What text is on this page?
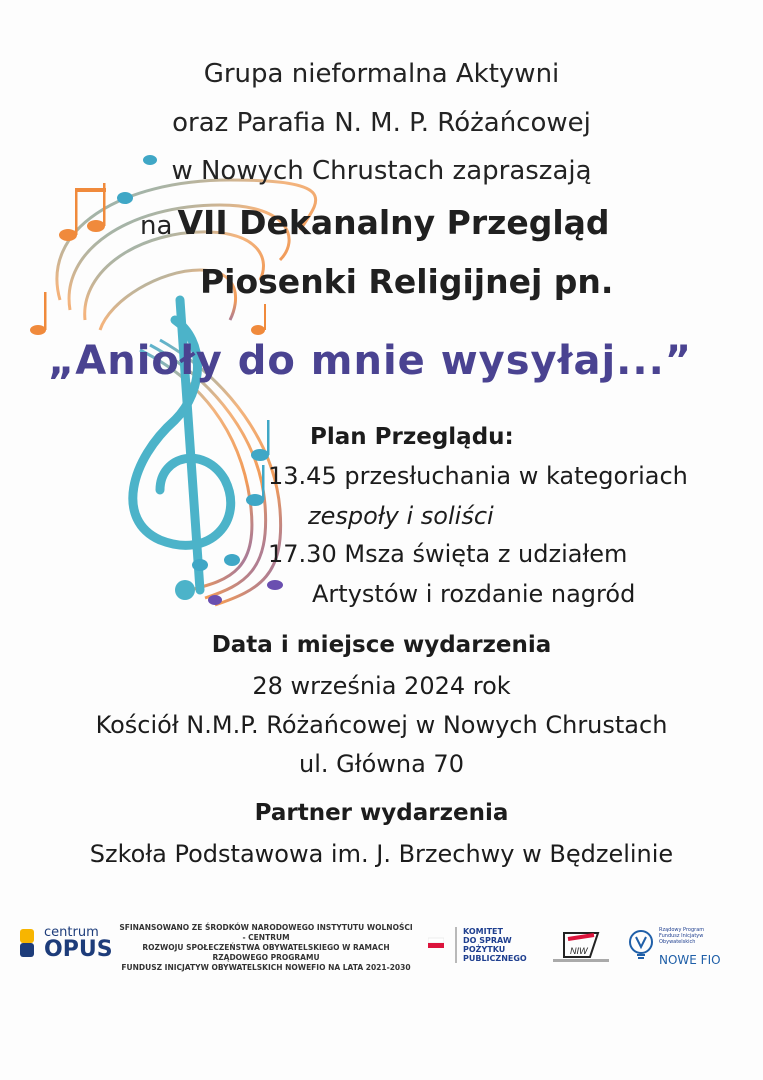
Grupa nieformalna Aktywni
oraz Parafia N. M. P. Różańcowej
w Nowych Chrustach zapraszają
na VII Dekanalny Przegląd
Piosenki Religijnej pn.
„Anioły do mnie wysyłaj...”
Plan Przeglądu:
13.45 przesłuchania w kategoriach
zespoły i soliści
17.30 Msza święta z udziałem
Artystów i rozdanie nagród
Data i miejsce wydarzenia
28 września 2024 rok
Kościół N.M.P. Różańcowej w Nowych Chrustach
ul. Główna 70
Partner wydarzenia
Szkoła Podstawowa im. J. Brzechwy w Będzelinie
centrum
OPUS
SFINANSOWANO ZE ŚRODKÓW NARODOWEGO INSTYTUTU WOLNOŚCI - CENTRUM
ROZWOJU SPOŁECZEŃSTWA OBYWATELSKIEGO W RAMACH RZĄDOWEGO PROGRAMU
FUNDUSZ INICJATYW OBYWATELSKICH NOWEFIO NA LATA 2021-2030
KOMITET
DO SPRAW
POŻYTKU
PUBLICZNEGO
NIW
Rządowy Program
Fundusz Inicjatyw
Obywatelskich
NOWE FIO
